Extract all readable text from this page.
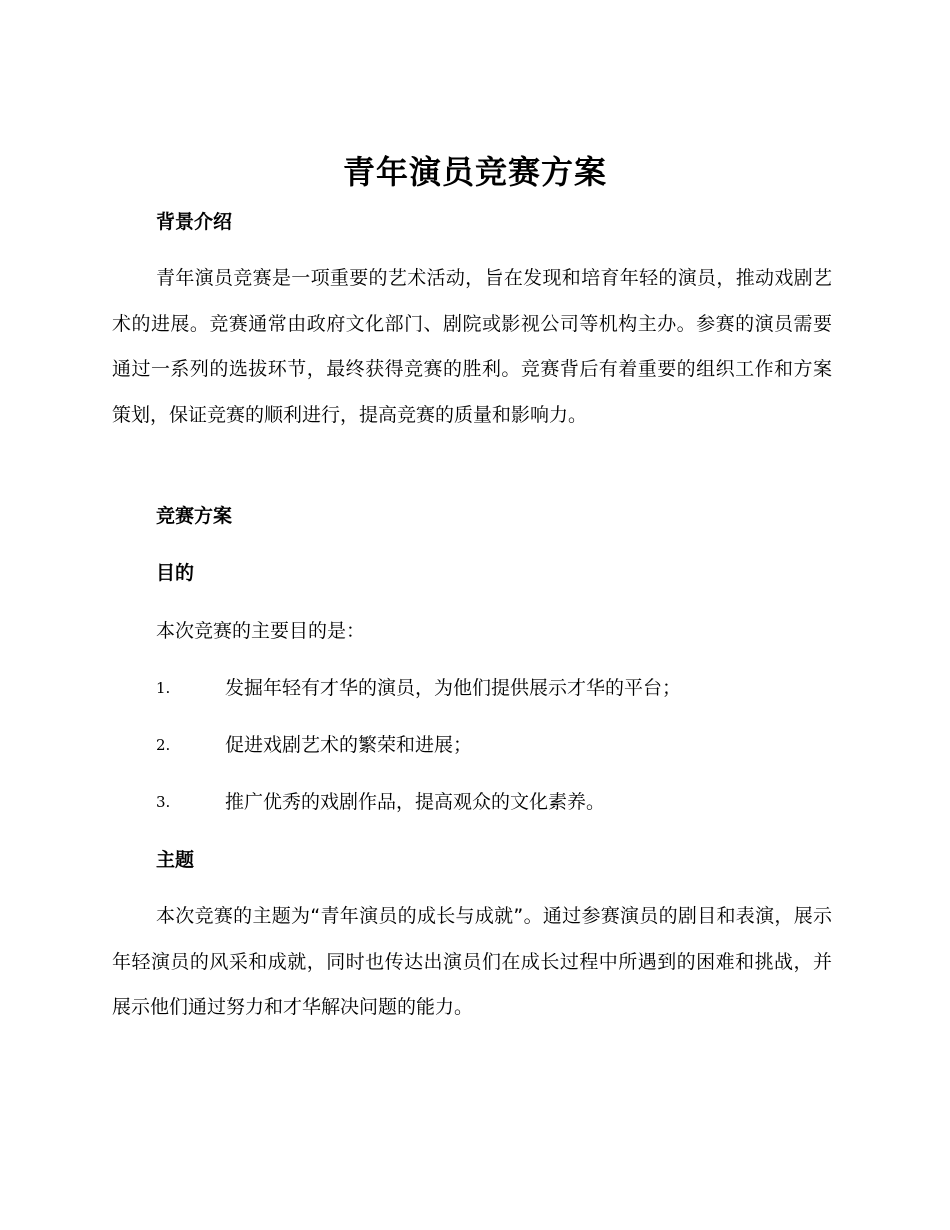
青年演员竞赛方案
背景介绍
青年演员竞赛是一项重要的艺术活动，旨在发现和培育年轻的演员，推动戏剧艺术的进展。竞赛通常由政府文化部门、剧院或影视公司等机构主办。参赛的演员需要通过一系列的选拔环节，最终获得竞赛的胜利。竞赛背后有着重要的组织工作和方案策划，保证竞赛的顺利进行，提高竞赛的质量和影响力。
竞赛方案
目的
本次竞赛的主要目的是：
1.	发掘年轻有才华的演员，为他们提供展示才华的平台；
2.	促进戏剧艺术的繁荣和进展；
3.	推广优秀的戏剧作品，提高观众的文化素养。
主题
本次竞赛的主题为“青年演员的成长与成就”。通过参赛演员的剧目和表演，展示年轻演员的风采和成就，同时也传达出演员们在成长过程中所遇到的困难和挑战，并展示他们通过努力和才华解决问题的能力。
